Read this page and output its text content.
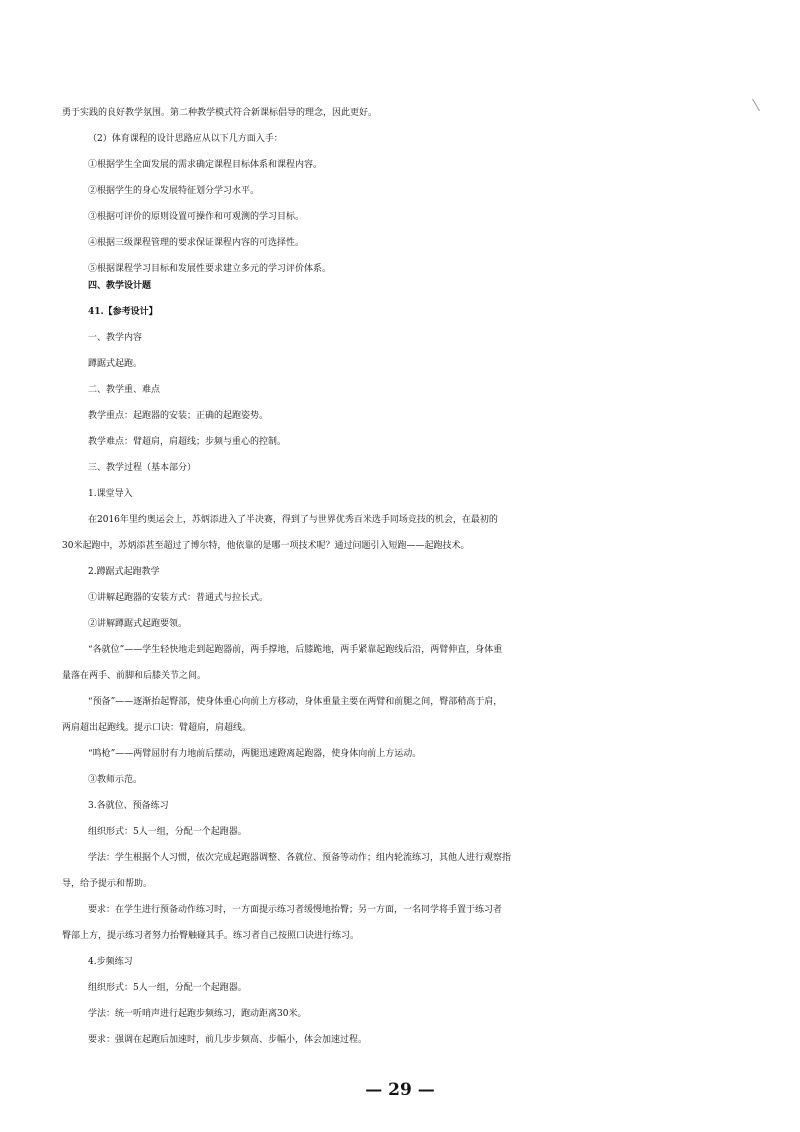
勇于实践的良好教学氛围。第二种教学模式符合新课标倡导的理念，因此更好。
（2）体育课程的设计思路应从以下几方面入手：
①根据学生全面发展的需求确定课程目标体系和课程内容。
②根据学生的身心发展特征划分学习水平。
③根据可评价的原则设置可操作和可观测的学习目标。
④根据三级课程管理的要求保证课程内容的可选择性。
⑤根据课程学习目标和发展性要求建立多元的学习评价体系。
四、教学设计题
41.【参考设计】
一、教学内容
蹲踞式起跑。
二、教学重、难点
教学重点：起跑器的安装；正确的起跑姿势。
教学难点：臂超肩，肩超线；步频与重心的控制。
三、教学过程（基本部分）
1.课堂导入
在2016年里约奥运会上，苏炳添进入了半决赛，得到了与世界优秀百米选手同场竞技的机会，在最初的
30米起跑中，苏炳添甚至超过了博尔特，他依靠的是哪一项技术呢？通过问题引入短跑——起跑技术。
2.蹲踞式起跑教学
①讲解起跑器的安装方式：普通式与拉长式。
②讲解蹲踞式起跑要领。
“各就位”——学生轻快地走到起跑器前，两手撑地，后膝跪地，两手紧靠起跑线后沿，两臂伸直，身体重
量落在两手、前脚和后膝关节之间。
“预备”——逐渐抬起臀部，使身体重心向前上方移动，身体重量主要在两臂和前腿之间，臀部稍高于肩，
两肩超出起跑线。提示口诀：臂超肩，肩超线。
“鸣枪”——两臂屈肘有力地前后摆动，两腿迅速蹬离起跑器，使身体向前上方运动。
③教师示范。
3.各就位、预备练习
组织形式：5人一组，分配一个起跑器。
学法：学生根据个人习惯，依次完成起跑器调整、各就位、预备等动作；组内轮流练习，其他人进行观察指
导，给予提示和帮助。
要求：在学生进行预备动作练习时，一方面提示练习者缓慢地抬臀；另一方面，一名同学将手置于练习者
臀部上方，提示练习者努力抬臀触碰其手。练习者自己按照口诀进行练习。
4.步频练习
组织形式：5人一组，分配一个起跑器。
学法：统一听哨声进行起跑步频练习，跑动距离30米。
要求：强调在起跑后加速时，前几步步频高、步幅小，体会加速过程。
— 29 —
